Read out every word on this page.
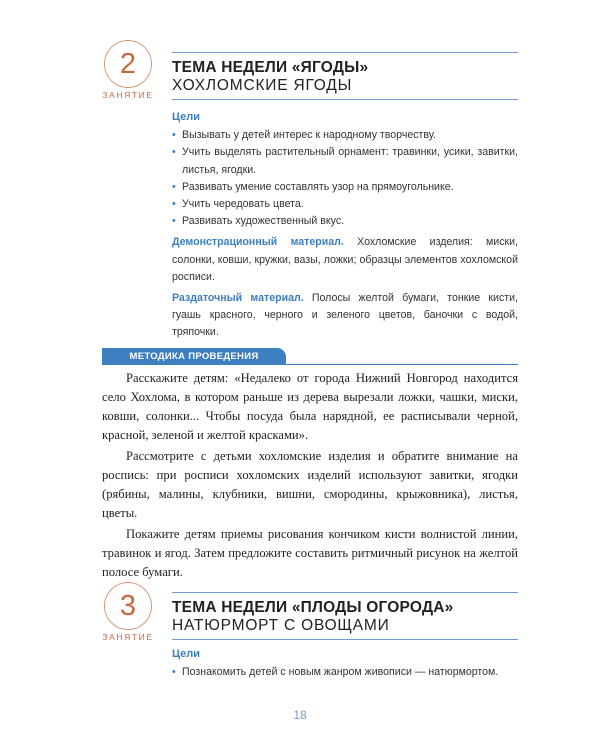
2
ЗАНЯТИЕ
ТЕМА НЕДЕЛИ «ЯГОДЫ»
ХОХЛОМСКИЕ ЯГОДЫ
Цели
• Вызывать у детей интерес к народному творчеству.
• Учить выделять растительный орнамент: травинки, усики, завитки, листья, ягодки.
• Развивать умение составлять узор на прямоугольнике.
• Учить чередовать цвета.
• Развивать художественный вкус.
Демонстрационный материал. Хохломские изделия: миски, солонки, ковши, кружки, вазы, ложки; образцы элементов хохломской росписи.
Раздаточный материал. Полосы желтой бумаги, тонкие кисти, гуашь красного, черного и зеленого цветов, баночки с водой, тряпочки.
МЕТОДИКА ПРОВЕДЕНИЯ

Расскажите детям: «Недалеко от города Нижний Новгород находится село Хохлома, в котором раньше из дерева вырезали ложки, чашки, миски, ковши, солонки... Чтобы посуда была нарядной, ее расписывали черной, красной, зеленой и желтой красками».

Рассмотрите с детьми хохломские изделия и обратите внимание на роспись: при росписи хохломских изделий используют завитки, ягодки (рябины, малины, клубники, вишни, смородины, крыжовника), листья, цветы.

Покажите детям приемы рисования кончиком кисти волнистой линии, травинок и ягод. Затем предложите составить ритмичный рисунок на желтой полосе бумаги.

3
ЗАНЯТИЕ
ТЕМА НЕДЕЛИ «ПЛОДЫ ОГОРОДА»
НАТЮРМОРТ С ОВОЩАМИ
Цели
• Познакомить детей с новым жанром живописи — натюрмортом.
18
